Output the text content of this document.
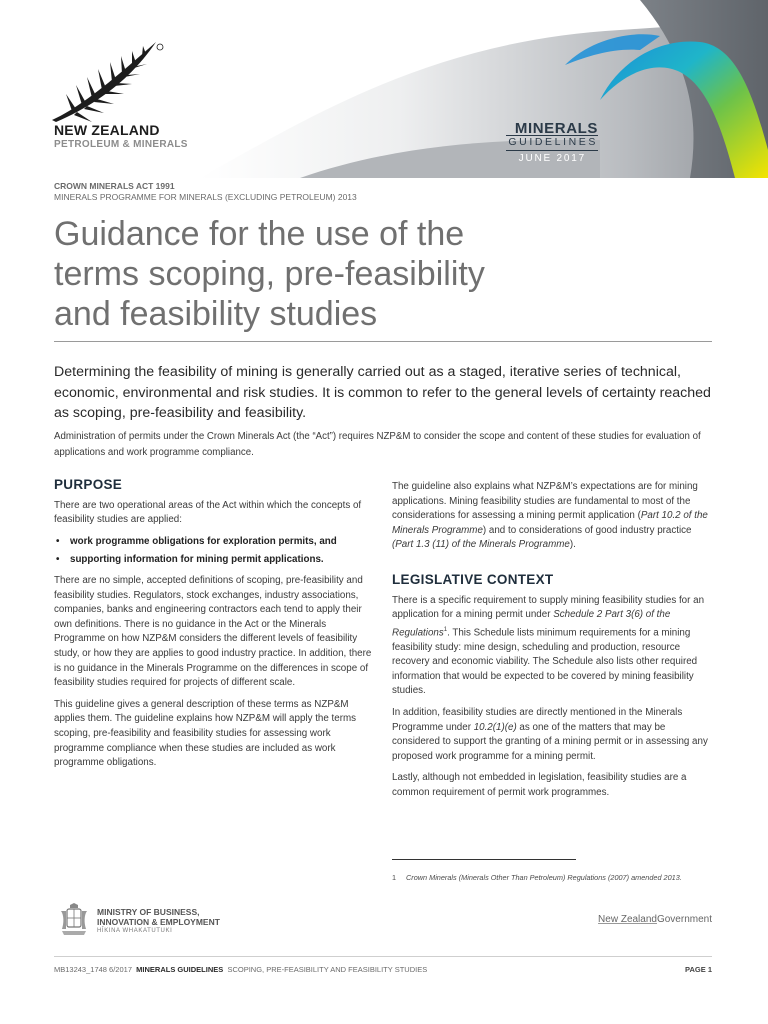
NEW ZEALAND
PETROLEUM & MINERALS
MINERALS
GUIDELINES
JUNE 2017
CROWN MINERALS ACT 1991
MINERALS PROGRAMME FOR MINERALS (EXCLUDING PETROLEUM) 2013
Guidance for the use of the
terms scoping, pre-feasibility
and feasibility studies
Determining the feasibility of mining is generally carried out as a staged, iterative series of technical, economic, environmental and risk studies. It is common to refer to the general levels of certainty reached as scoping, pre-feasibility and feasibility.
Administration of permits under the Crown Minerals Act (the “Act”) requires NZP&M to consider the scope and content of these studies for evaluation of applications and work programme compliance.
PURPOSE

There are two operational areas of the Act within which the concepts of feasibility studies are applied:

• work programme obligations for exploration permits, and
• supporting information for mining permit applications.

There are no simple, accepted definitions of scoping, pre-feasibility and feasibility studies. Regulators, stock exchanges, industry associations, companies, banks and engineering contractors each tend to apply their own definitions. There is no guidance in the Act or the Minerals Programme on how NZP&M considers the different levels of feasibility study, or how they are applies to good industry practice. In addition, there is no guidance in the Minerals Programme on the differences in scope of feasibility studies required for projects of different scale.

This guideline gives a general description of these terms as NZP&M applies them. The guideline explains how NZP&M will apply the terms scoping, pre-feasibility and feasibility studies for assessing work programme compliance when these studies are included as work programme obligations.

The guideline also explains what NZP&M’s expectations are for mining applications. Mining feasibility studies are fundamental to most of the considerations for assessing a mining permit application (Part 10.2 of the Minerals Programme) and to considerations of good industry practice (Part 1.3 (11) of the Minerals Programme).

LEGISLATIVE CONTEXT

There is a specific requirement to supply mining feasibility studies for an application for a mining permit under Schedule 2 Part 3(6) of the Regulations$^1$. This Schedule lists minimum requirements for a mining feasibility study: mine design, scheduling and production, resource recovery and economic viability. The Schedule also lists other required information that would be expected to be covered by mining feasibility studies.

In addition, feasibility studies are directly mentioned in the Minerals Programme under 10.2(1)(e) as one of the matters that may be considered to support the granting of a mining permit or in assessing any proposed work programme for a mining permit.

Lastly, although not embedded in legislation, feasibility studies are a common requirement of permit work programmes.

1 Crown Minerals (Minerals Other Than Petroleum) Regulations (2007) amended 2013.
MINISTRY OF BUSINESS,
INNOVATION & EMPLOYMENT
HĪKINA WHAKATUTUKI
New ZealandGovernment
MB13243_1748 6/2017 MINERALS GUIDELINES SCOPING, PRE-FEASIBILITY AND FEASIBILITY STUDIES	PAGE 1
